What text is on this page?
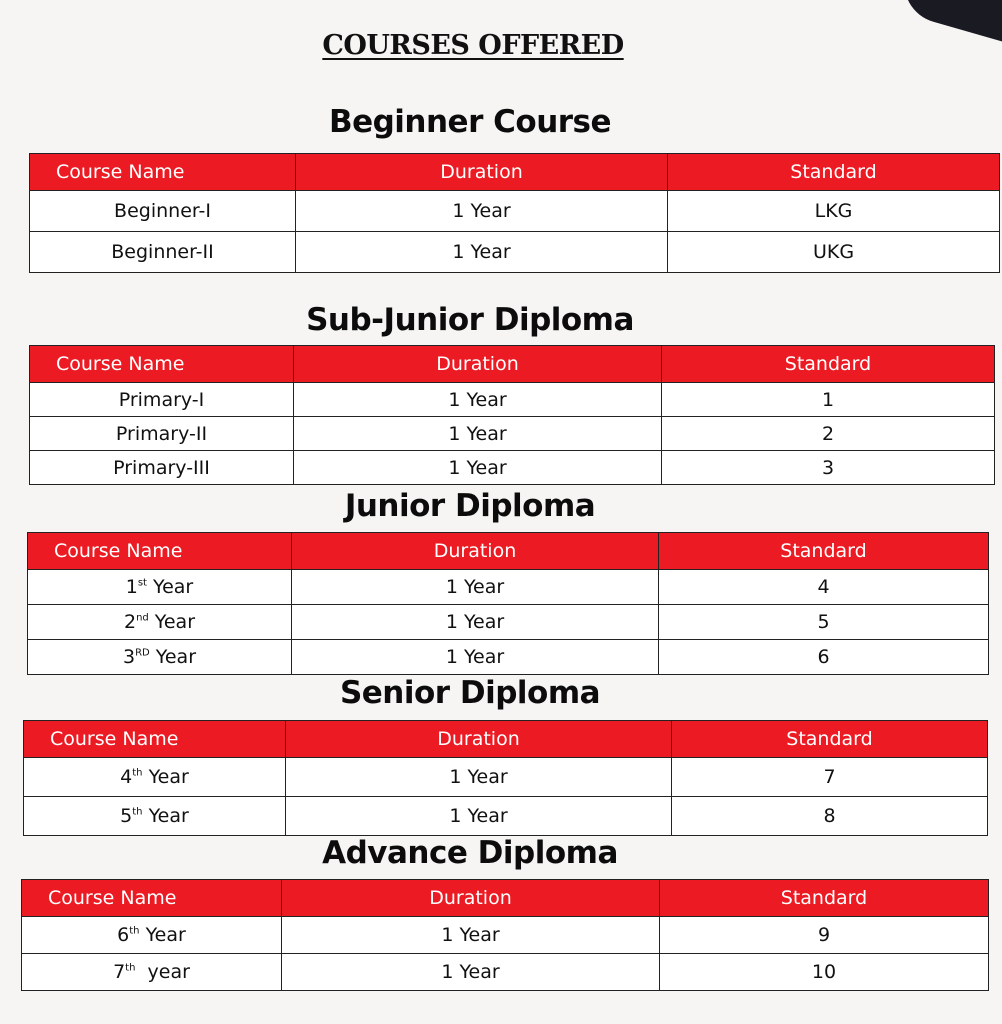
COURSES OFFERED
Beginner Course
Course Name	Duration	Standard
Beginner-I	1 Year	LKG
Beginner-II	1 Year	UKG
Sub-Junior Diploma
Course Name	Duration	Standard
Primary-I	1 Year	1
Primary-II	1 Year	2
Primary-III	1 Year	3
Junior Diploma
Course Name	Duration	Standard
1st Year	1 Year	4
2nd Year	1 Year	5
3RD Year	1 Year	6
Senior Diploma
Course Name	Duration	Standard
4th Year	1 Year	7
5th Year	1 Year	8
Advance Diploma
Course Name	Duration	Standard
6th Year	1 Year	9
7th  year	1 Year	10
